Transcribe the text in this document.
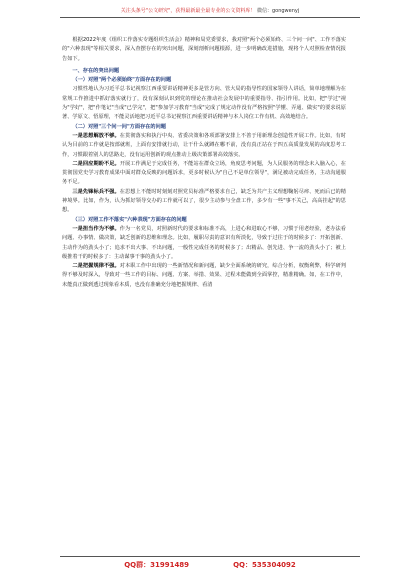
关注头条号"公文研究"，获得最新最全最专业的公文资料库！ 微信：gongwenyj

根据2022年度《组织工作落实专题组织生活会》精神和局党委要求，我对照"两个必须始终、三个问一问"、工作不落实的"六种表现"等相关要求，深入查摆存在的突出问题，深刻剖析问题根源，进一步明确改进措施，现将个人对照检查情况报告如下。

一、存在的突出问题

（一）对照"两个必须始终"方面存在的问题

习惯性地认为习近平总书记视察江西重要讲话精神更多是管方向、管大局的指导性的国家领导人讲话，简单地理解为在常规工作推进中抓好落实就行了，没有深刻认识到党的理论在推动社会发展中的重要指导、指引作用。比如，把"学过"视为"学好"，把"作笔记"当成"已学完"，把"参加学习教育"当成"完成了规定动作没有严格按照"学懂、弄通、做实"的要求说原著、学原文、悟原理，不能灵活地把习近平总书记视察江西重要讲话精神与本人岗位工作有机、高效地结合。

（二）对照"三个问一问"方面存在的问题

一是思想解放不够。在贯彻落实和执行中央、省委决策和各项部署安排上不善于用新理念创造性开展工作。比如，有时认为目前的工作就是按部就班，上面有安排就行动，让干什么就蹲在哪不前，没有真正站在于四五高质量发展的高度思考工作，习惯跟着别人的思路走，没有运用创新的观点推动上级决策部署高效落实。

二是回应期盼不足。开展工作满足于完成任务，不能站在群众立场，角度思考问题，为人民服务的理念未入脑入心，在贯彻国党史学习教育成果中面对群众反映的问题诉求，更多时候认为"自己不是单位领导"，满足被动完成任务，主动沟通服务不足。

三是先锋标兵不强。在思想上不能时时刻刻对照党员标准严格要求自己，缺乏为共产主义理想鞠躬尽瘁、死而后已的精神境界。比如，作为，认为抓好领导交办的工作就可以了，很少主动参与全盘工作，多少有一些"事不关己，高高挂起"的思想。

（三）对照工作不落实"六种表现"方面存在的问题

一是担当作为不够。作为一名党员，对照新时代的要求和标准不高，上进心和进取心不够，习惯于用老经验，老办法看问题、办事情、做决策，缺乏创新的思维和理念。比如，履职尽责的意识有所淡化，导致于过往于的时候多了：开拓创新、主动作为的劲头小了；追求不出大事、不出问题，一般性完成任务的时候多了；出精品、创先进、争一流的劲头小了；被上级推着干的时候多了：主动谋事干事的劲头小了。

二是把握规律不强。对本职工作中出现的一些新情况和新问题，缺少全面系统的研究，综合分析，权衡利弊，科学研判得不够及时深入，导致对一些工作的目标、问题、方案、举措、效果、过程未能做到全面掌控，精准精确。如，在工作中，未能真正做到透过现象看本质，也没有准确充分地把握规律、看清

QQ群：31991489	QQ：535304092
